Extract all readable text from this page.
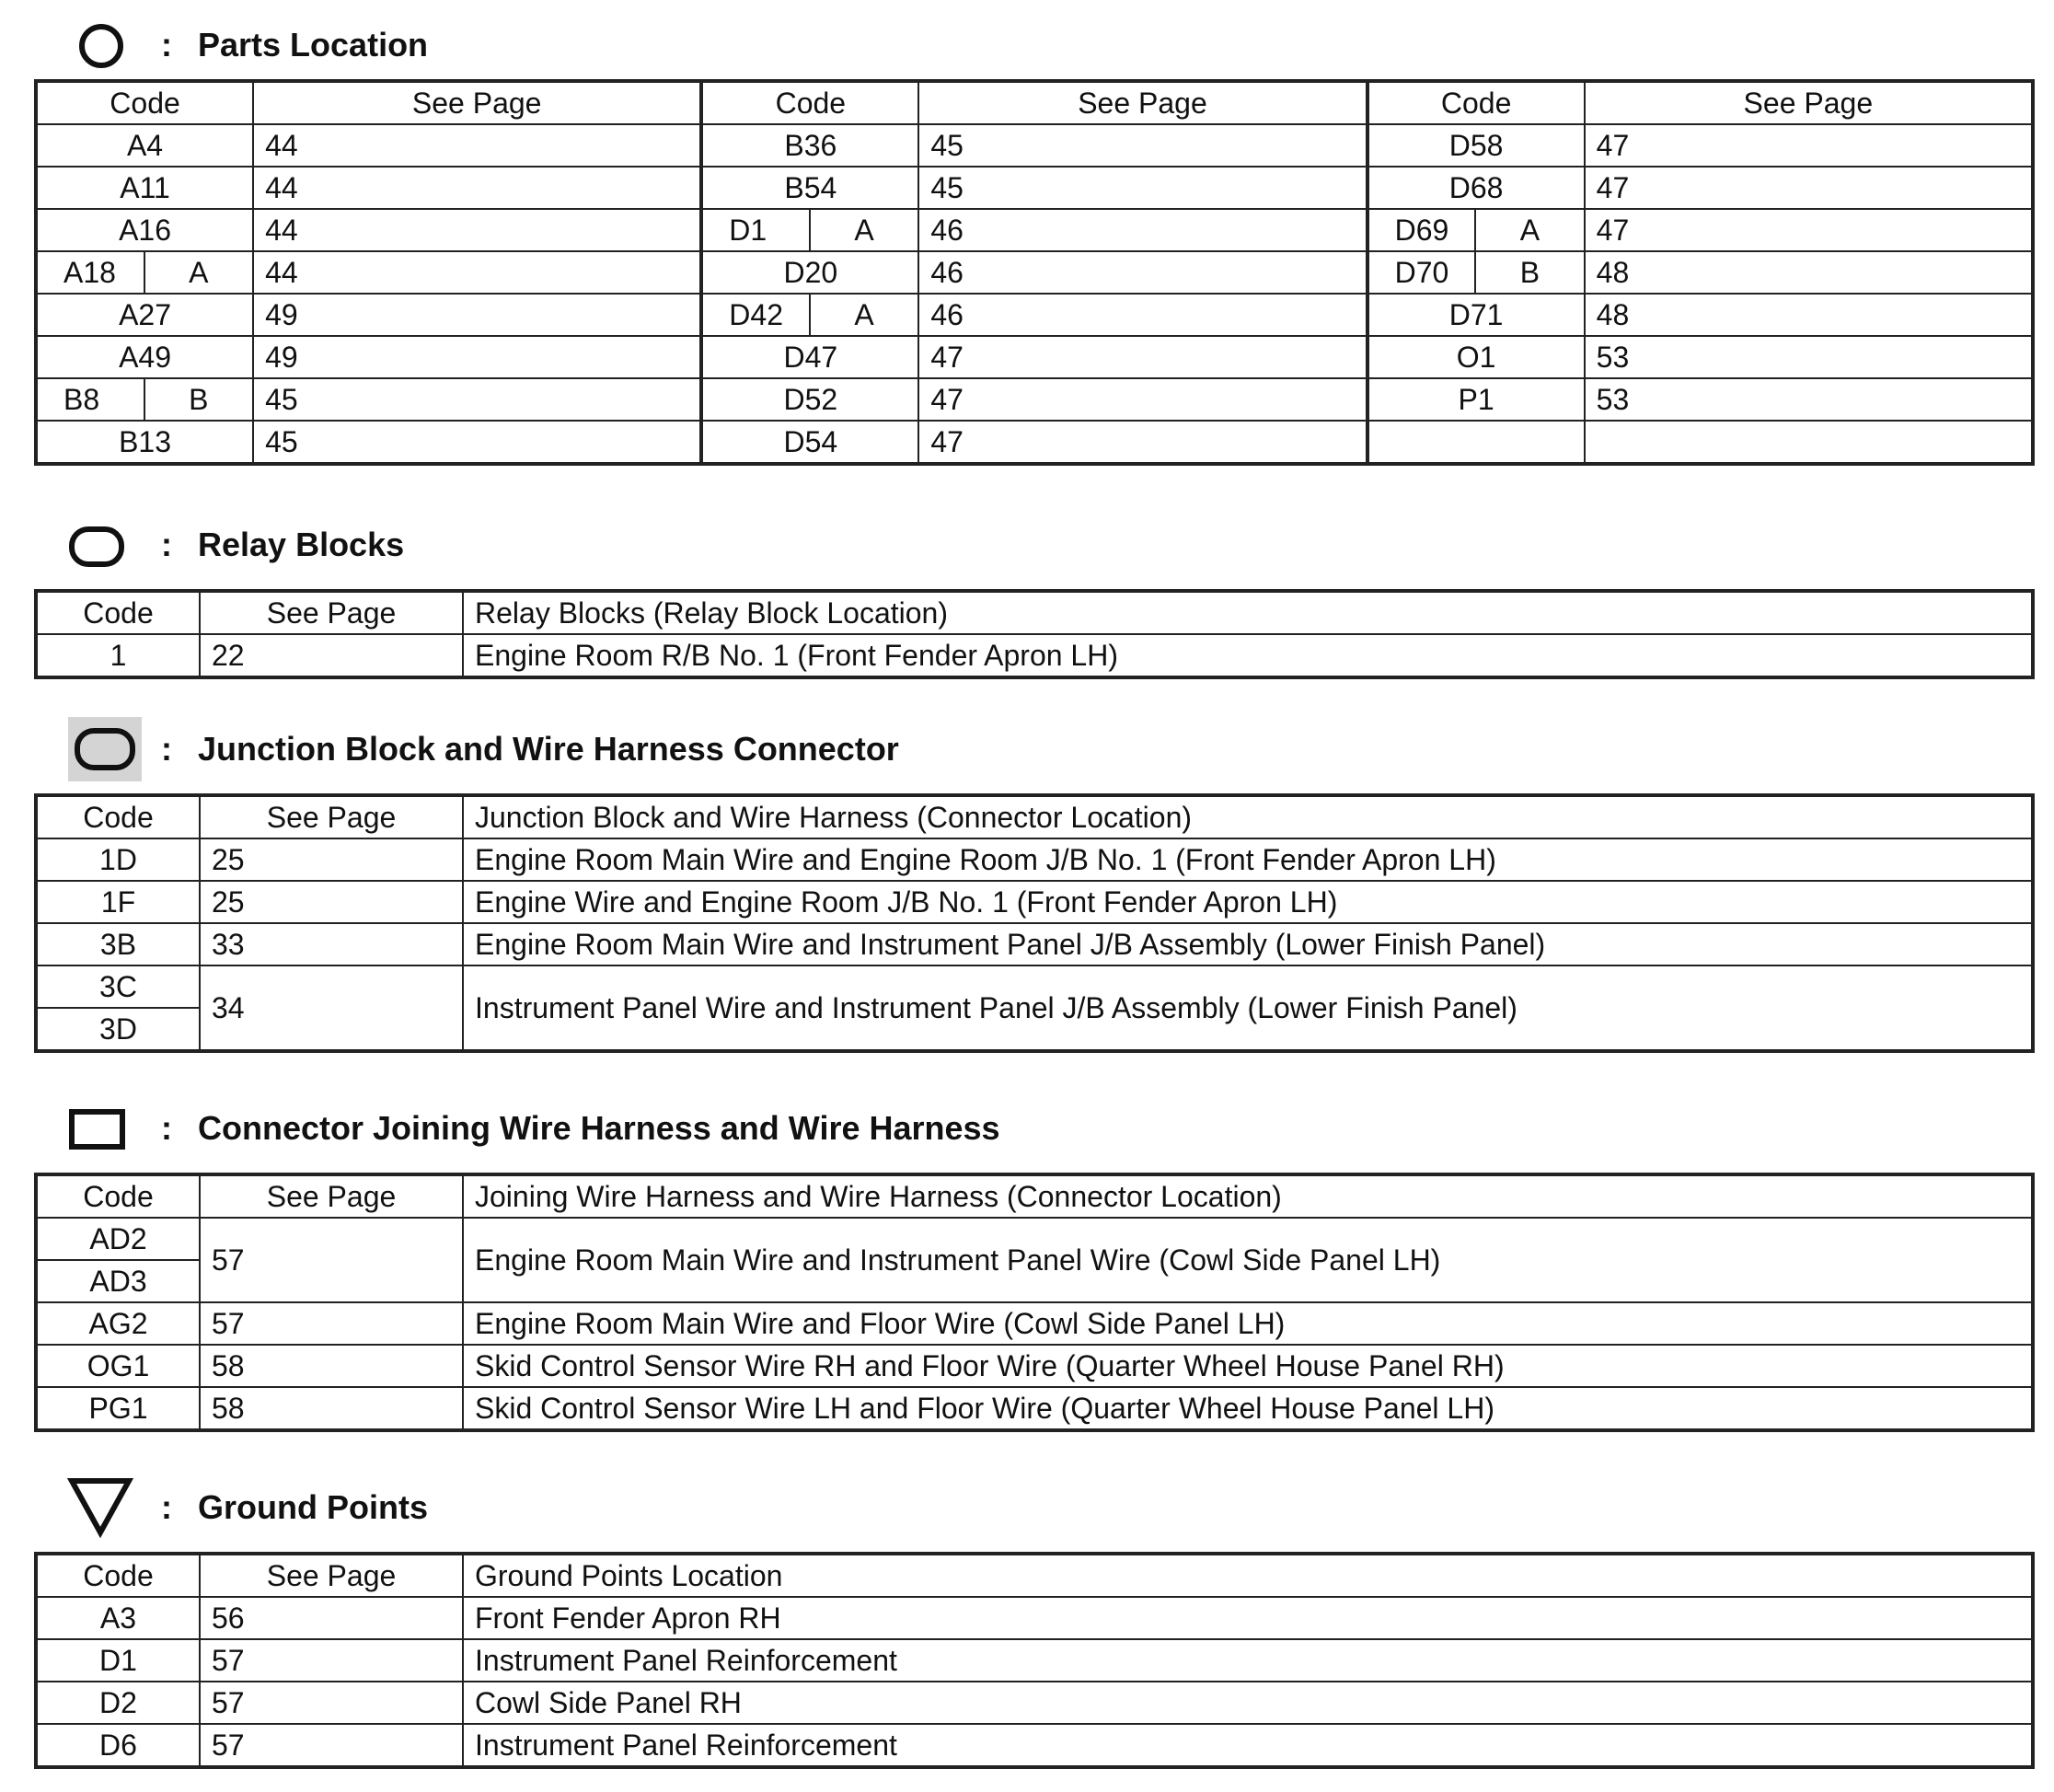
: Parts Location
Code		See Page	Code		See Page	Code		See Page
A4		44	B36		45	D58		47
A11		44	B54		45	D68		47
A16		44	D1	A	46	D69	A	47
A18	A	44	D20		46	D70	B	48
A27		49	D42	A	46	D71		48
A49		49	D47		47	O1		53
B8	B	45	D52		47	P1		53
B13		45	D54		47			
: Relay Blocks
Code	See Page	Relay Blocks (Relay Block Location)
1	22	Engine Room R/B No. 1 (Front Fender Apron LH)
: Junction Block and Wire Harness Connector
Code	See Page	Junction Block and Wire Harness (Connector Location)
1D	25	Engine Room Main Wire and Engine Room J/B No. 1 (Front Fender Apron LH)
1F	25	Engine Wire and Engine Room J/B No. 1 (Front Fender Apron LH)
3B	33	Engine Room Main Wire and Instrument Panel J/B Assembly (Lower Finish Panel)
3C	34	Instrument Panel Wire and Instrument Panel J/B Assembly (Lower Finish Panel)
3D		
: Connector Joining Wire Harness and Wire Harness
Code	See Page	Joining Wire Harness and Wire Harness (Connector Location)
AD2	57	Engine Room Main Wire and Instrument Panel Wire (Cowl Side Panel LH)
AD3		
AG2	57	Engine Room Main Wire and Floor Wire (Cowl Side Panel LH)
OG1	58	Skid Control Sensor Wire RH and Floor Wire (Quarter Wheel House Panel RH)
PG1	58	Skid Control Sensor Wire LH and Floor Wire (Quarter Wheel House Panel LH)
: Ground Points
Code	See Page	Ground Points Location
A3	56	Front Fender Apron RH
D1	57	Instrument Panel Reinforcement
D2	57	Cowl Side Panel RH
D6	57	Instrument Panel Reinforcement
